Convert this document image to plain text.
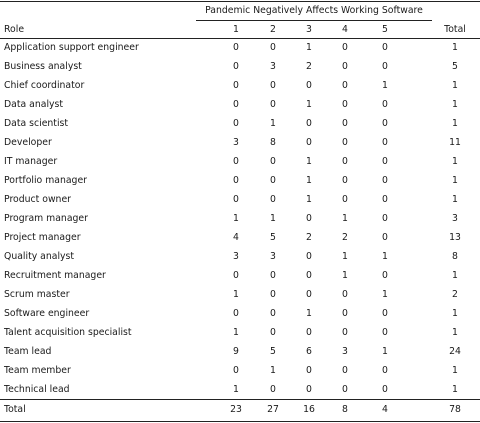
Pandemic Negatively Affects Working Software
Role	1	2	3	4	5	Total
Application support engineer	0	0	1	0	0	1
Business analyst	0	3	2	0	0	5
Chief coordinator	0	0	0	0	1	1
Data analyst	0	0	1	0	0	1
Data scientist	0	1	0	0	0	1
Developer	3	8	0	0	0	11
IT manager	0	0	1	0	0	1
Portfolio manager	0	0	1	0	0	1
Product owner	0	0	1	0	0	1
Program manager	1	1	0	1	0	3
Project manager	4	5	2	2	0	13
Quality analyst	3	3	0	1	1	8
Recruitment manager	0	0	0	1	0	1
Scrum master	1	0	0	0	1	2
Software engineer	0	0	1	0	0	1
Talent acquisition specialist	1	0	0	0	0	1
Team lead	9	5	6	3	1	24
Team member	0	1	0	0	0	1
Technical lead	1	0	0	0	0	1
Total	23	27	16	8	4	78
